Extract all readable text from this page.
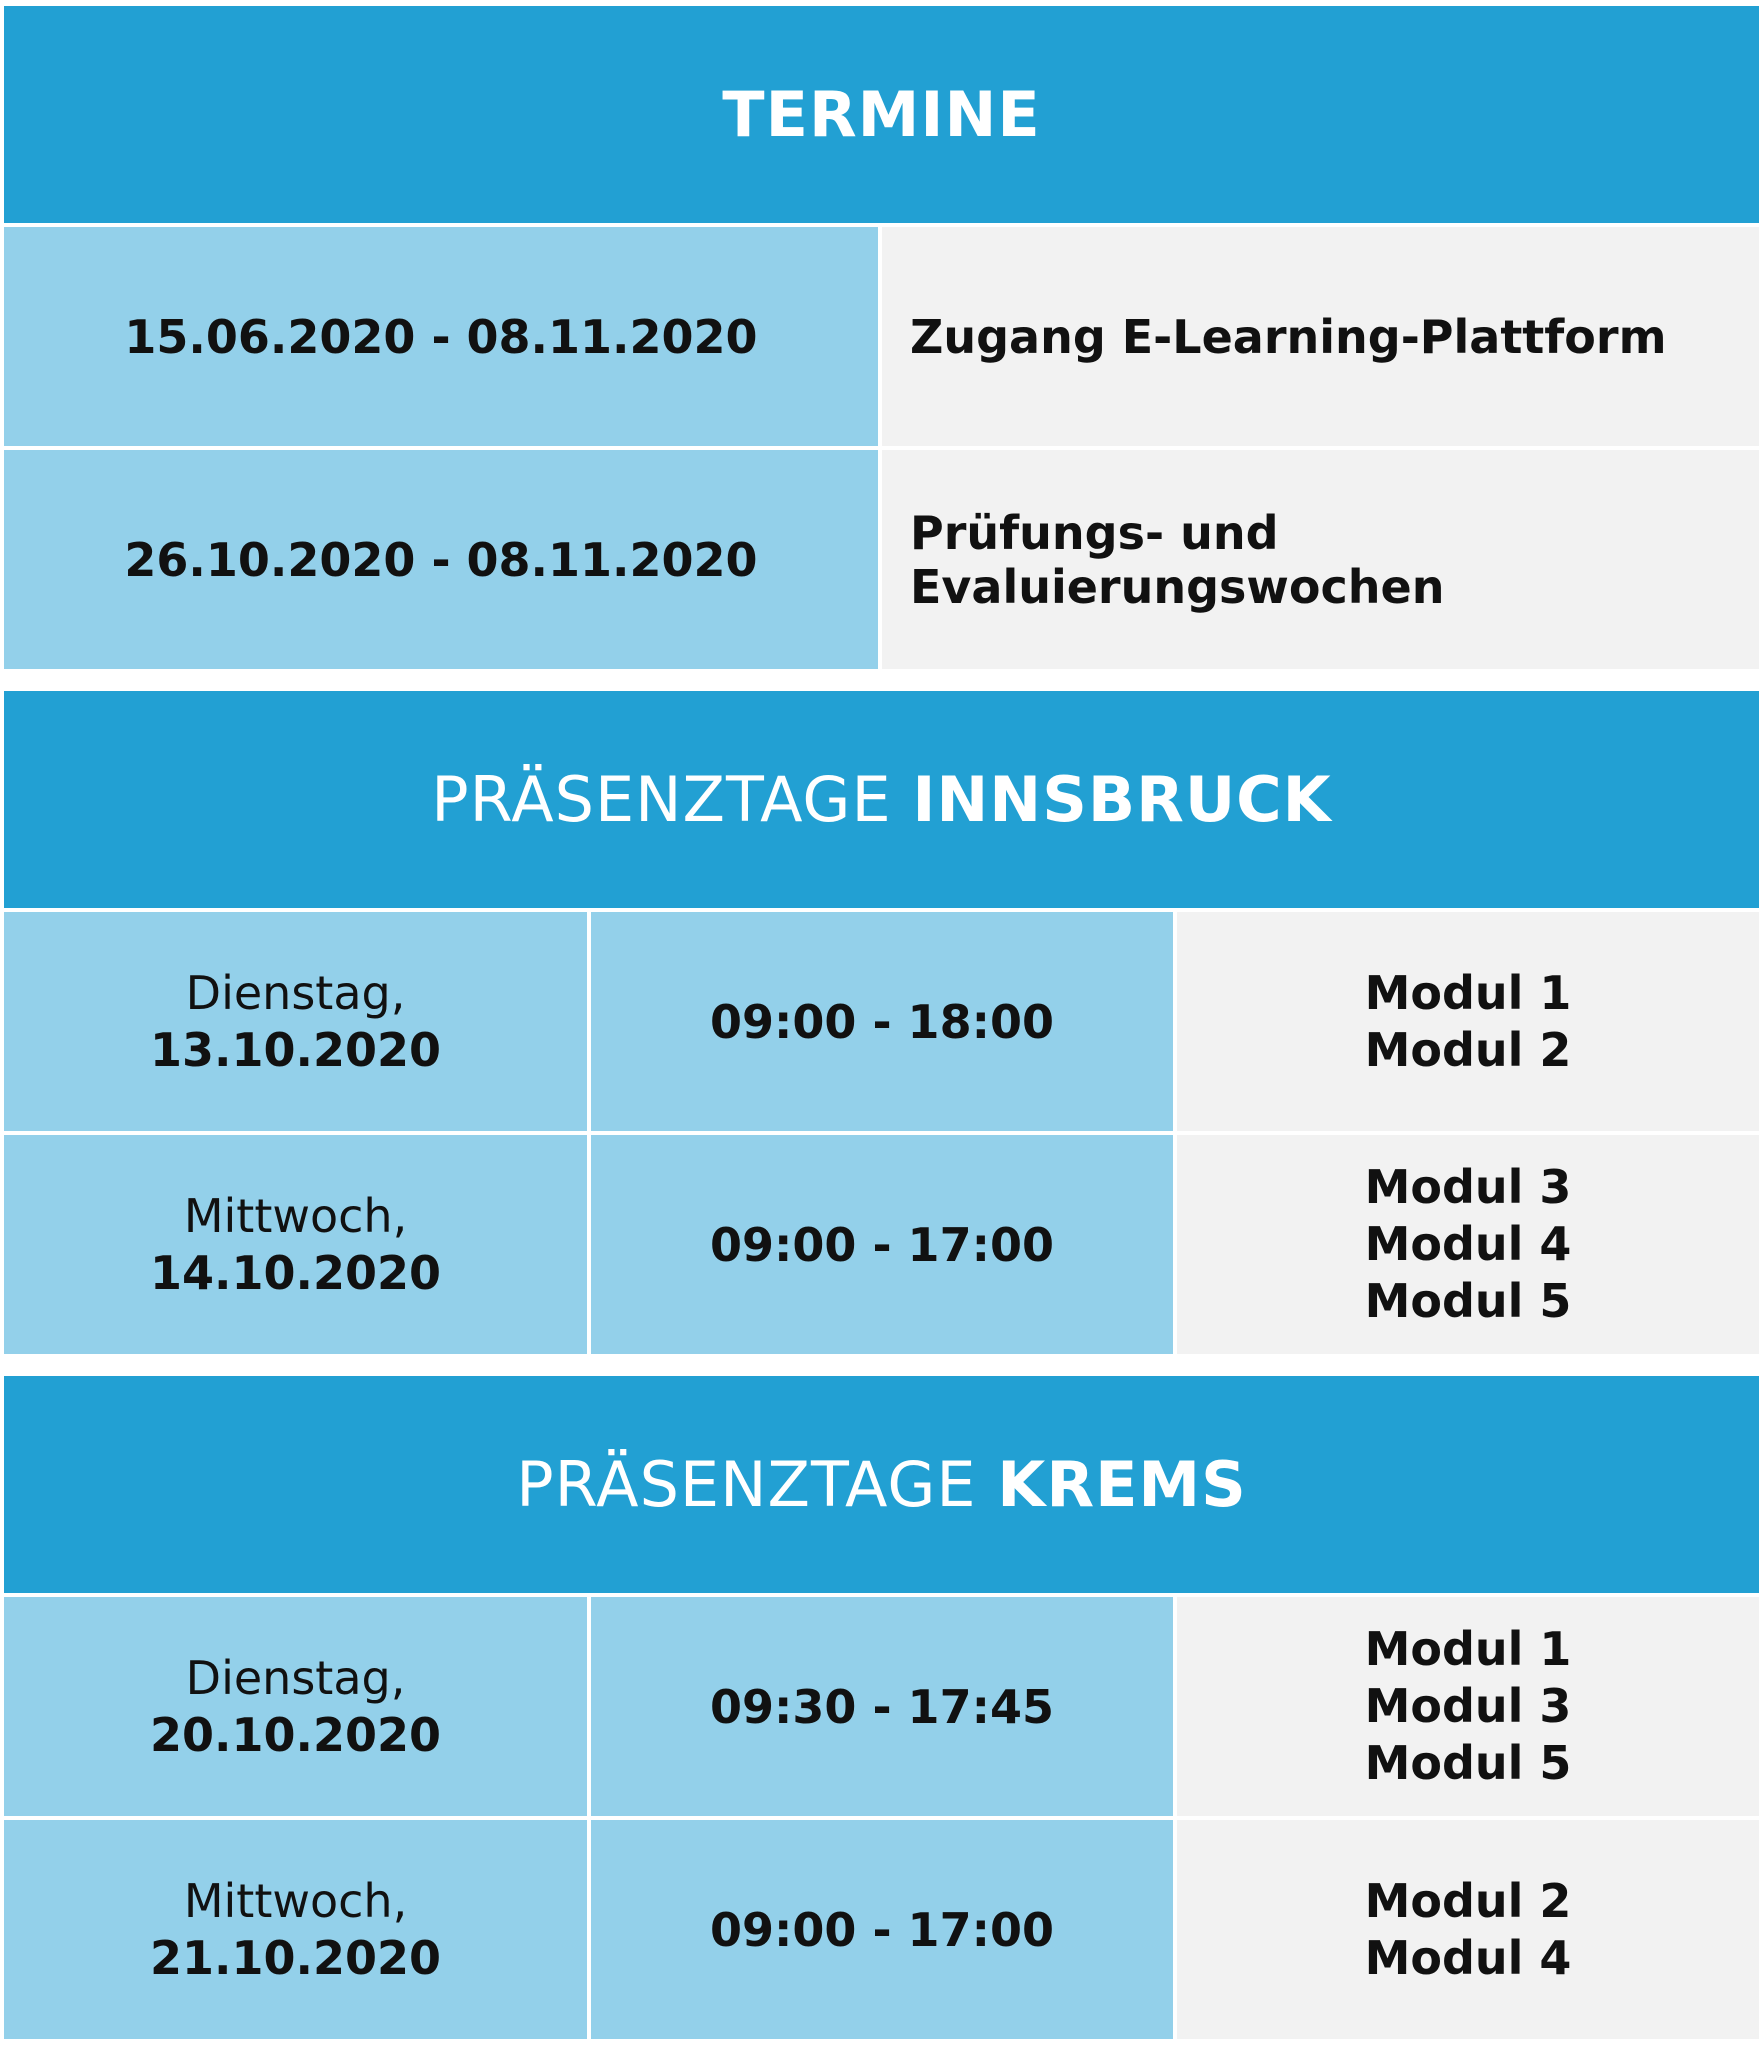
TERMINE
15.06.2020 - 08.11.2020	Zugang E-Learning-Plattform
26.10.2020 - 08.11.2020	Prüfungs- und Evaluierungswochen
PRÄSENZTAGE
INNSBRUCK
Dienstag,
13.10.2020
09:00 - 18:00
Modul 1
Modul 2
Mittwoch,
14.10.2020
09:00 - 17:00
Modul 3
Modul 4
Modul 5
PRÄSENZTAGE
KREMS
Dienstag,
20.10.2020
09:30 - 17:45
Modul 1
Modul 3
Modul 5
Mittwoch,
21.10.2020
09:00 - 17:00
Modul 2
Modul 4
